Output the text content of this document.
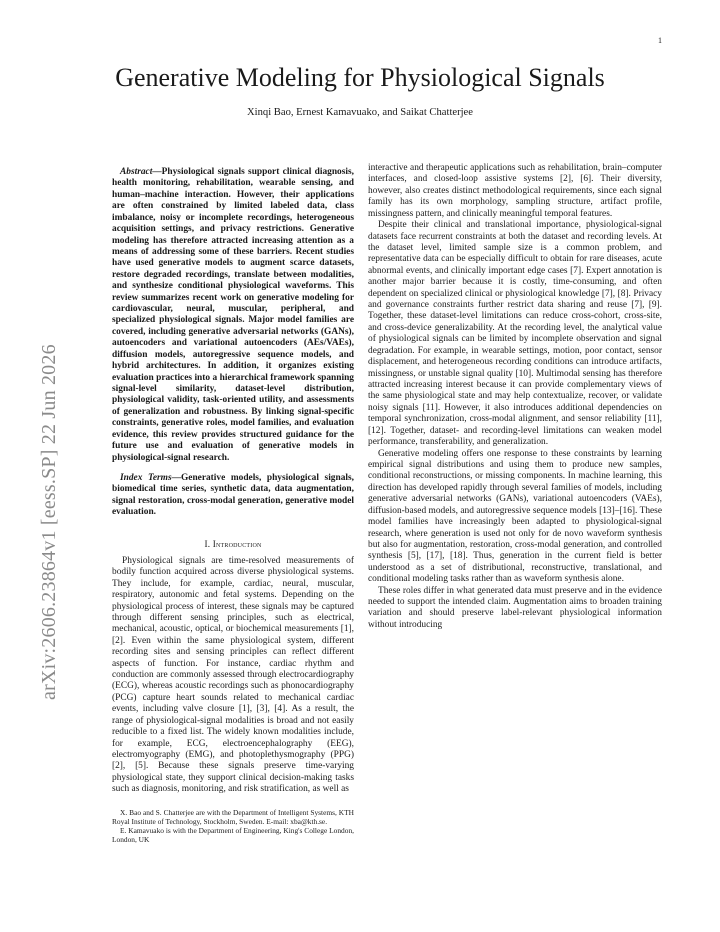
1
arXiv:2606.23864v1 [eess.SP] 22 Jun 2026
Generative Modeling for Physiological Signals

Xinqi Bao, Ernest Kamavuako, and Saikat Chatterjee

Abstract—Physiological signals support clinical diagnosis, health monitoring, rehabilitation, wearable sensing, and human–machine interaction. However, their applications are often constrained by limited labeled data, class imbalance, noisy or incomplete recordings, heterogeneous acquisition settings, and privacy restrictions. Generative modeling has therefore attracted increasing attention as a means of addressing some of these barriers. Recent studies have used generative models to augment scarce datasets, restore degraded recordings, translate between modalities, and synthesize conditional physiological waveforms. This review summarizes recent work on generative modeling for cardiovascular, neural, muscular, peripheral, and specialized physiological signals. Major model families are covered, including generative adversarial networks (GANs), autoencoders and variational autoencoders (AEs/VAEs), diffusion models, autoregressive sequence models, and hybrid architectures. In addition, it organizes existing evaluation practices into a hierarchical framework spanning signal-level similarity, dataset-level distribution, physiological validity, task-oriented utility, and assessments of generalization and robustness. By linking signal-specific constraints, generative roles, model families, and evaluation evidence, this review provides structured guidance for the future use and evaluation of generative models in physiological-signal research.

Index Terms—Generative models, physiological signals, biomedical time series, synthetic data, data augmentation, signal restoration, cross-modal generation, generative model evaluation.

I. Introduction

Physiological signals are time-resolved measurements of bodily function acquired across diverse physiological systems. They include, for example, cardiac, neural, muscular, respiratory, autonomic and fetal systems. Depending on the physiological process of interest, these signals may be captured through different sensing principles, such as electrical, mechanical, acoustic, optical, or biochemical measurements [1], [2]. Even within the same physiological system, different recording sites and sensing principles can reflect different aspects of function. For instance, cardiac rhythm and conduction are commonly assessed through electrocardiography (ECG), whereas acoustic recordings such as phonocardiography (PCG) capture heart sounds related to mechanical cardiac events, including valve closure [1], [3], [4]. As a result, the range of physiological-signal modalities is broad and not easily reducible to a fixed list. The widely known modalities include, for example, ECG, electroencephalography (EEG), electromyography (EMG), and photoplethysmography (PPG) [2], [5]. Because these signals preserve time-varying physiological state, they support clinical decision-making tasks such as diagnosis, monitoring, and risk stratification, as well as

X. Bao and S. Chatterjee are with the Department of Intelligent Systems, KTH Royal Institute of Technology, Stockholm, Sweden. E-mail: xba@kth.se.

E. Kamavuako is with the Department of Engineering, King's College London, London, UK

interactive and therapeutic applications such as rehabilitation, brain–computer interfaces, and closed-loop assistive systems [2], [6]. Their diversity, however, also creates distinct methodological requirements, since each signal family has its own morphology, sampling structure, artifact profile, missingness pattern, and clinically meaningful temporal features.

Despite their clinical and translational importance, physiological-signal datasets face recurrent constraints at both the dataset and recording levels. At the dataset level, limited sample size is a common problem, and representative data can be especially difficult to obtain for rare diseases, acute abnormal events, and clinically important edge cases [7]. Expert annotation is another major barrier because it is costly, time-consuming, and often dependent on specialized clinical or physiological knowledge [7], [8]. Privacy and governance constraints further restrict data sharing and reuse [7], [9]. Together, these dataset-level limitations can reduce cross-cohort, cross-site, and cross-device generalizability. At the recording level, the analytical value of physiological signals can be limited by incomplete observation and signal degradation. For example, in wearable settings, motion, poor contact, sensor displacement, and heterogeneous recording conditions can introduce artifacts, missingness, or unstable signal quality [10]. Multimodal sensing has therefore attracted increasing interest because it can provide complementary views of the same physiological state and may help contextualize, recover, or validate noisy signals [11]. However, it also introduces additional dependencies on temporal synchronization, cross-modal alignment, and sensor reliability [11], [12]. Together, dataset- and recording-level limitations can weaken model performance, transferability, and generalization.

Generative modeling offers one response to these constraints by learning empirical signal distributions and using them to produce new samples, conditional reconstructions, or missing components. In machine learning, this direction has developed rapidly through several families of models, including generative adversarial networks (GANs), variational autoencoders (VAEs), diffusion-based models, and autoregressive sequence models [13]–[16]. These model families have increasingly been adapted to physiological-signal research, where generation is used not only for de novo waveform synthesis but also for augmentation, restoration, cross-modal generation, and controlled synthesis [5], [17], [18]. Thus, generation in the current field is better understood as a set of distributional, reconstructive, translational, and conditional modeling tasks rather than as waveform synthesis alone.

These roles differ in what generated data must preserve and in the evidence needed to support the intended claim. Augmentation aims to broaden training variation and should preserve label-relevant physiological information without introducing
